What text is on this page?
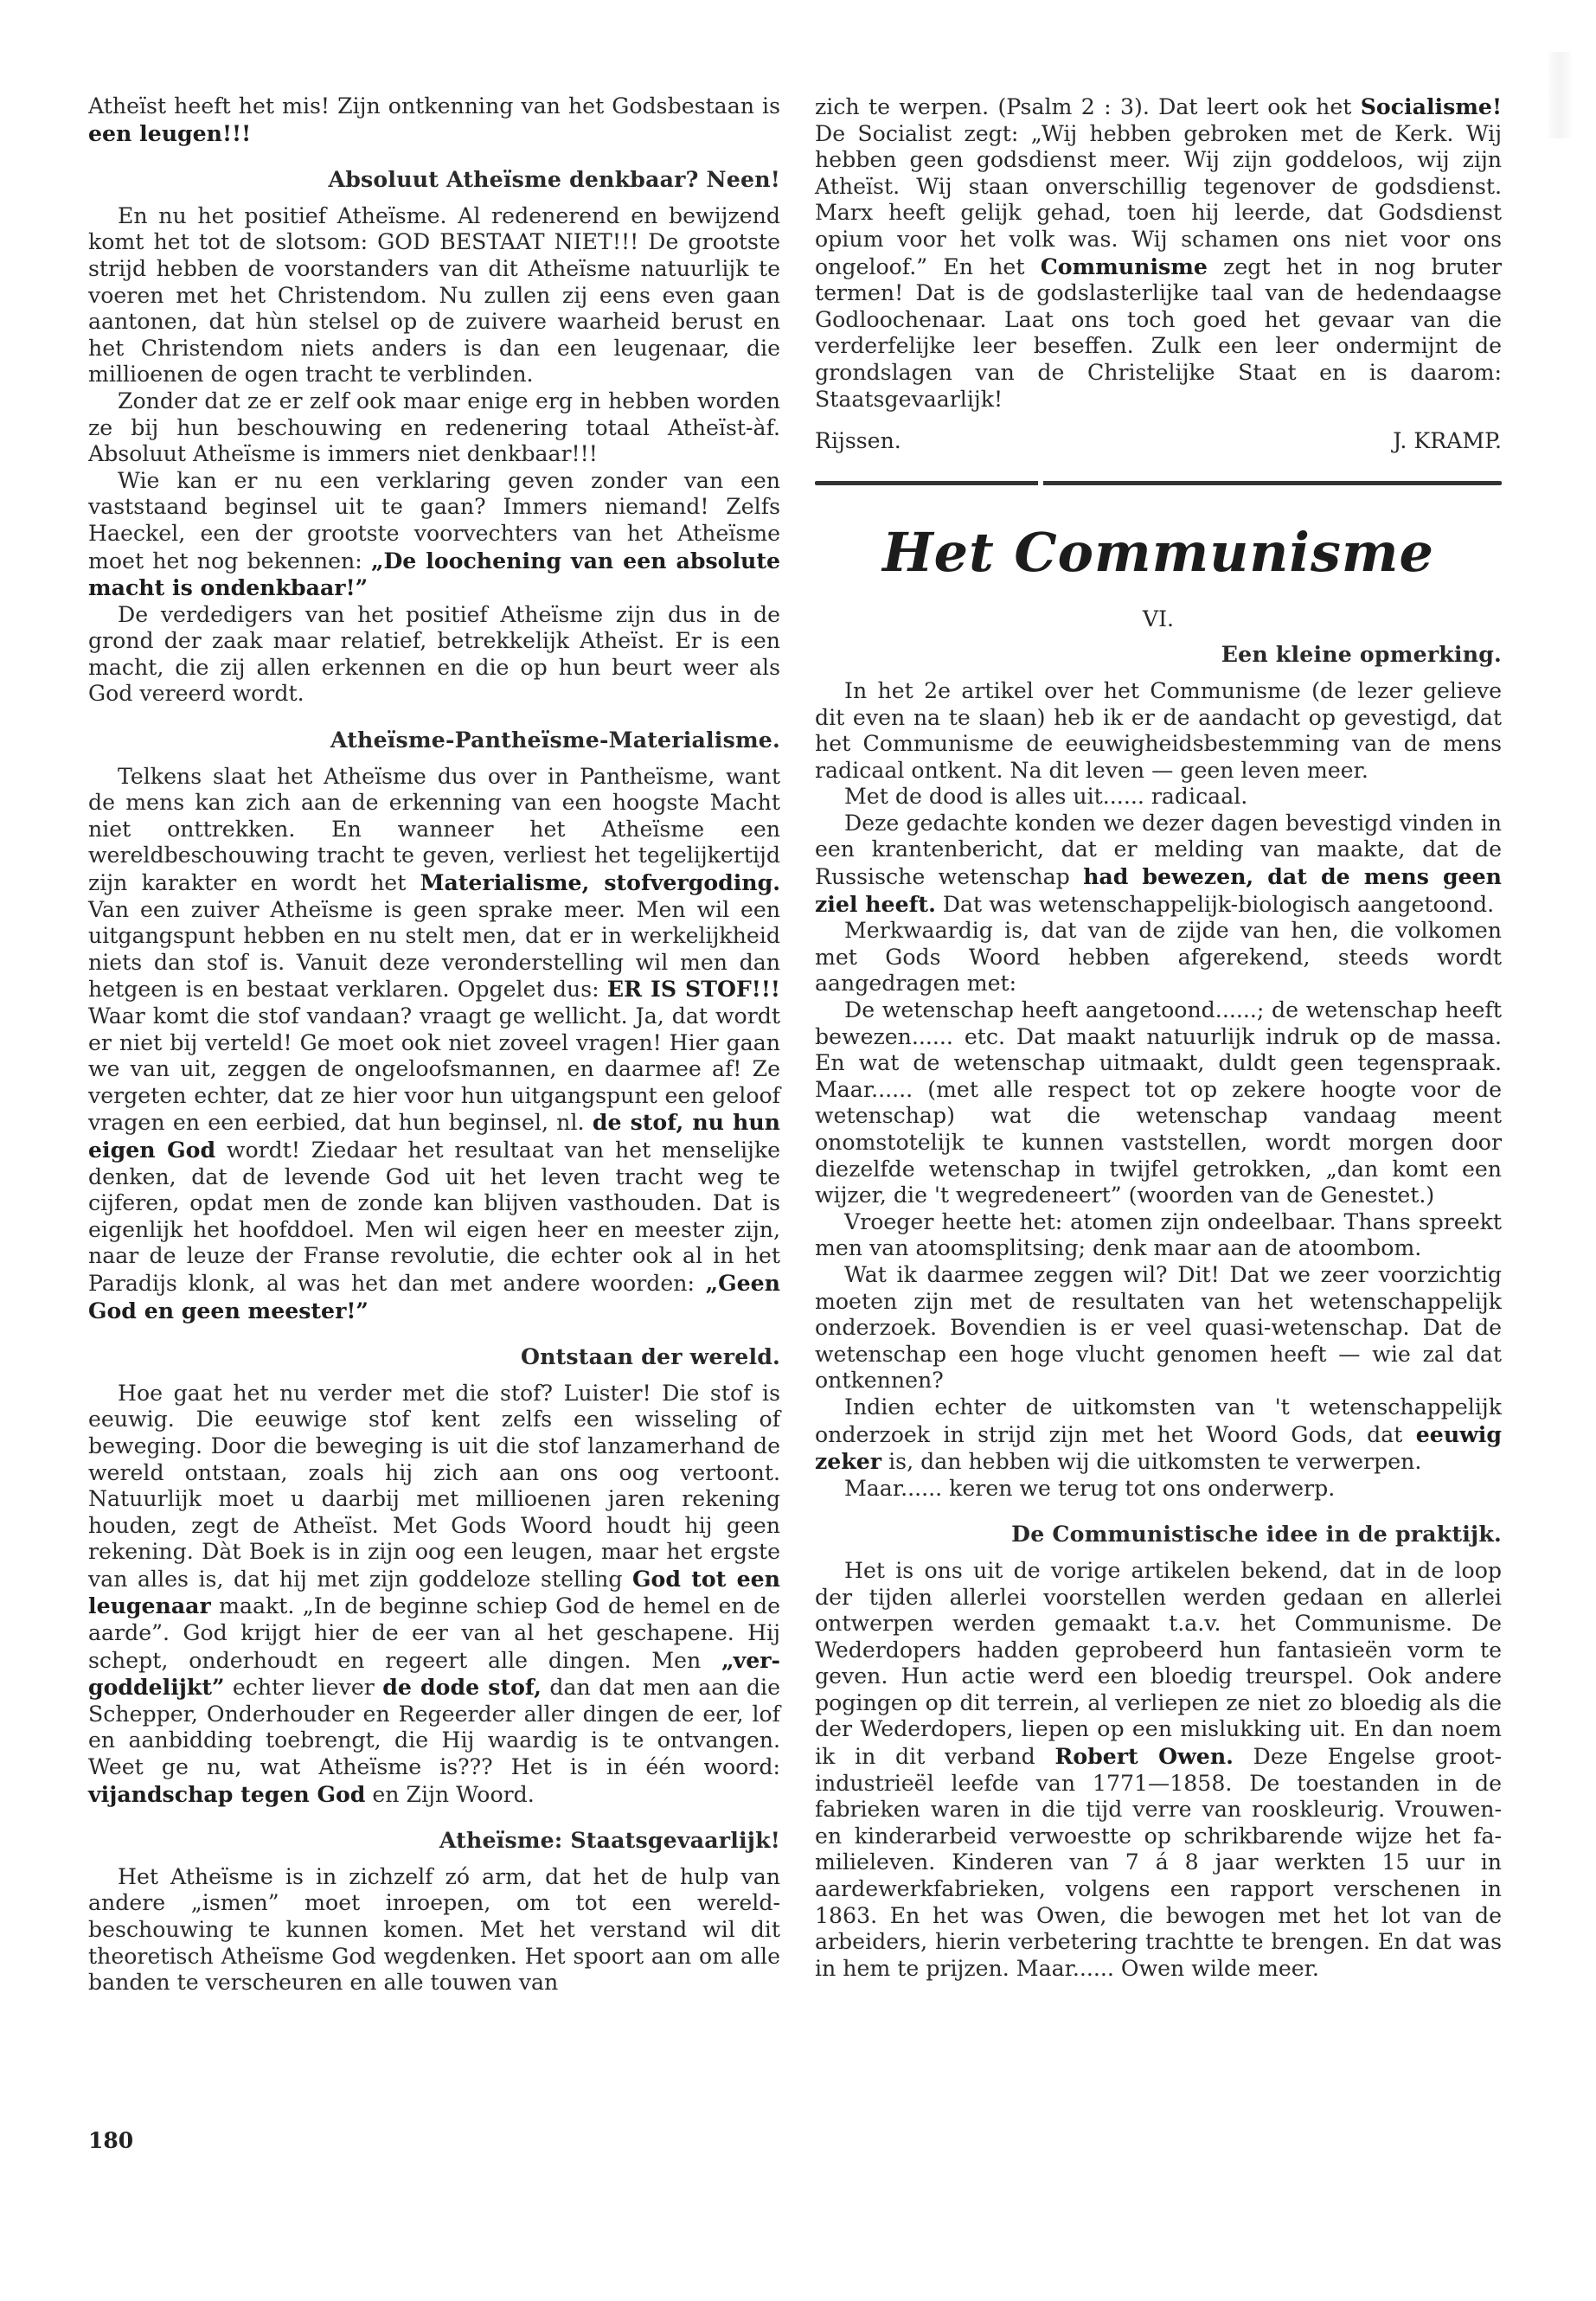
Atheïst heeft het mis! Zijn ontkenning van het Godsbestaan is een leugen!!!

Absoluut Atheïsme denkbaar? Neen!

En nu het positief Atheïsme. Al redenerend en bewijzend komt het tot de slotsom: GOD BESTAAT NIET!!! De grootste strijd hebben de voorstanders van dit Atheïsme natuurlijk te voeren met het Christendom. Nu zullen zij eens even gaan aantonen, dat hùn stelsel op de zuivere waarheid berust en het Christendom niets anders is dan een leugenaar, die millioenen de ogen tracht te verblinden.

Zonder dat ze er zelf ook maar enige erg in hebben worden ze bij hun beschouwing en redenering totaal Atheïst-àf. Absoluut Atheïsme is immers niet denkbaar!!!

Wie kan er nu een verklaring geven zonder van een vaststaand beginsel uit te gaan? Immers niemand! Zelfs Haeckel, een der grootste voorvechters van het Atheïsme moet het nog bekennen: „De loochening van een absolute macht is ondenkbaar!”

De verdedigers van het positief Atheïsme zijn dus in de grond der zaak maar relatief, betrekkelijk Atheïst. Er is een macht, die zij allen erkennen en die op hun beurt weer als God vereerd wordt.

Atheïsme-Pantheïsme-Materialisme.

Telkens slaat het Atheïsme dus over in Pantheïsme, want de mens kan zich aan de erkenning van een hoogste Macht niet onttrekken. En wanneer het Atheïsme een wereldbeschouwing tracht te geven, verliest het tegelijkertijd zijn karakter en wordt het Materialisme, stofvergoding. Van een zuiver Atheïsme is geen sprake meer. Men wil een uitgangspunt hebben en nu stelt men, dat er in werkelijkheid niets dan stof is. Vanuit deze veronderstelling wil men dan hetgeen is en bestaat verklaren. Opgelet dus: ER IS STOF!!! Waar komt die stof vandaan? vraagt ge wellicht. Ja, dat wordt er niet bij verteld! Ge moet ook niet zoveel vragen! Hier gaan we van uit, zeggen de ongeloofsmannen, en daarmee af! Ze vergeten echter, dat ze hier voor hun uitgangspunt een geloof vragen en een eerbied, dat hun beginsel, nl. de stof, nu hun eigen God wordt! Ziedaar het resultaat van het menselijke denken, dat de levende God uit het leven tracht weg te cijferen, opdat men de zonde kan blijven vasthouden. Dat is eigenlijk het hoofddoel. Men wil eigen heer en meester zijn, naar de leuze der Franse revolutie, die echter ook al in het Paradijs klonk, al was het dan met andere woorden: „Geen God en geen meester!”

Ontstaan der wereld.

Hoe gaat het nu verder met die stof? Luister! Die stof is eeuwig. Die eeuwige stof kent zelfs een wisseling of beweging. Door die beweging is uit die stof lanzamerhand de wereld ontstaan, zoals hij zich aan ons oog vertoont. Natuurlijk moet u daarbij met millioenen jaren rekening houden, zegt de Atheïst. Met Gods Woord houdt hij geen rekening. Dàt Boek is in zijn oog een leugen, maar het ergste van alles is, dat hij met zijn goddeloze stelling God tot een leugenaar maakt. „In de beginne schiep God de hemel en de aarde”. God krijgt hier de eer van al het geschapene. Hij schept, onderhoudt en regeert alle dingen. Men „vergoddelijkt” echter liever de dode stof, dan dat men aan die Schepper, Onderhouder en Regeerder aller dingen de eer, lof en aanbidding toebrengt, die Hij waardig is te ontvangen. Weet ge nu, wat Atheïsme is??? Het is in één woord: vijandschap tegen God en Zijn Woord.

Atheïsme: Staatsgevaarlijk!

Het Atheïsme is in zichzelf zó arm, dat het de hulp van andere „ismen” moet inroepen, om tot een wereldbeschouwing te kunnen komen. Met het verstand wil dit theoretisch Atheïsme God wegdenken. Het spoort aan om alle banden te verscheuren en alle touwen van

zich te werpen. (Psalm 2 : 3). Dat leert ook het Socialisme! De Socialist zegt: „Wij hebben gebroken met de Kerk. Wij hebben geen godsdienst meer. Wij zijn goddeloos, wij zijn Atheïst. Wij staan onverschillig tegenover de godsdienst. Marx heeft gelijk gehad, toen hij leerde, dat Godsdienst opium voor het volk was. Wij schamen ons niet voor ons ongeloof.” En het Communisme zegt het in nog bruter termen! Dat is de godslasterlijke taal van de hedendaagse Godloochenaar. Laat ons toch goed het gevaar van die verderfelijke leer beseffen. Zulk een leer ondermijnt de grondslagen van de Christelijke Staat en is daarom: Staatsgevaarlijk!

Rijssen.	J. KRAMP.
Het Communisme

VI.

Een kleine opmerking.

In het 2e artikel over het Communisme (de lezer gelieve dit even na te slaan) heb ik er de aandacht op gevestigd, dat het Communisme de eeuwigheidsbestemming van de mens radicaal ontkent. Na dit leven — geen leven meer.

Met de dood is alles uit...... radicaal.

Deze gedachte konden we dezer dagen bevestigd vinden in een krantenbericht, dat er melding van maakte, dat de Russische wetenschap had bewezen, dat de mens geen ziel heeft. Dat was wetenschappelijk-biologisch aangetoond.

Merkwaardig is, dat van de zijde van hen, die volkomen met Gods Woord hebben afgerekend, steeds wordt aangedragen met:

De wetenschap heeft aangetoond......; de wetenschap heeft bewezen...... etc. Dat maakt natuurlijk indruk op de massa. En wat de wetenschap uitmaakt, duldt geen tegenspraak. Maar...... (met alle respect tot op zekere hoogte voor de wetenschap) wat die wetenschap vandaag meent onomstotelijk te kunnen vaststellen, wordt morgen door diezelfde wetenschap in twijfel getrokken, „dan komt een wijzer, die 't wegredeneert” (woorden van de Genestet.)

Vroeger heette het: atomen zijn ondeelbaar. Thans spreekt men van atoomsplitsing; denk maar aan de atoombom.

Wat ik daarmee zeggen wil? Dit! Dat we zeer voorzichtig moeten zijn met de resultaten van het wetenschappelijk onderzoek. Bovendien is er veel quasi-wetenschap. Dat de wetenschap een hoge vlucht genomen heeft — wie zal dat ontkennen?

Indien echter de uitkomsten van 't wetenschappelijk onderzoek in strijd zijn met het Woord Gods, dat eeuwig zeker is, dan hebben wij die uitkomsten te verwerpen.

Maar...... keren we terug tot ons onderwerp.

De Communistische idee in de praktijk.

Het is ons uit de vorige artikelen bekend, dat in de loop der tijden allerlei voorstellen werden gedaan en allerlei ontwerpen werden gemaakt t.a.v. het Communisme. De Wederdopers hadden geprobeerd hun fantasieën vorm te geven. Hun actie werd een bloedig treurspel. Ook andere pogingen op dit terrein, al verliepen ze niet zo bloedig als die der Wederdopers, liepen op een mislukking uit. En dan noem ik in dit verband Robert Owen. Deze Engelse groot-industrieël leefde van 1771—1858. De toestanden in de fabrieken waren in die tijd verre van rooskleurig. Vrouwen- en kinderarbeid verwoestte op schrikbarende wijze het familieleven. Kinderen van 7 á 8 jaar werkten 15 uur in aardewerkfabrieken, volgens een rapport verschenen in 1863. En het was Owen, die bewogen met het lot van de arbeiders, hierin verbetering trachtte te brengen. En dat was in hem te prijzen. Maar...... Owen wilde meer.

180
